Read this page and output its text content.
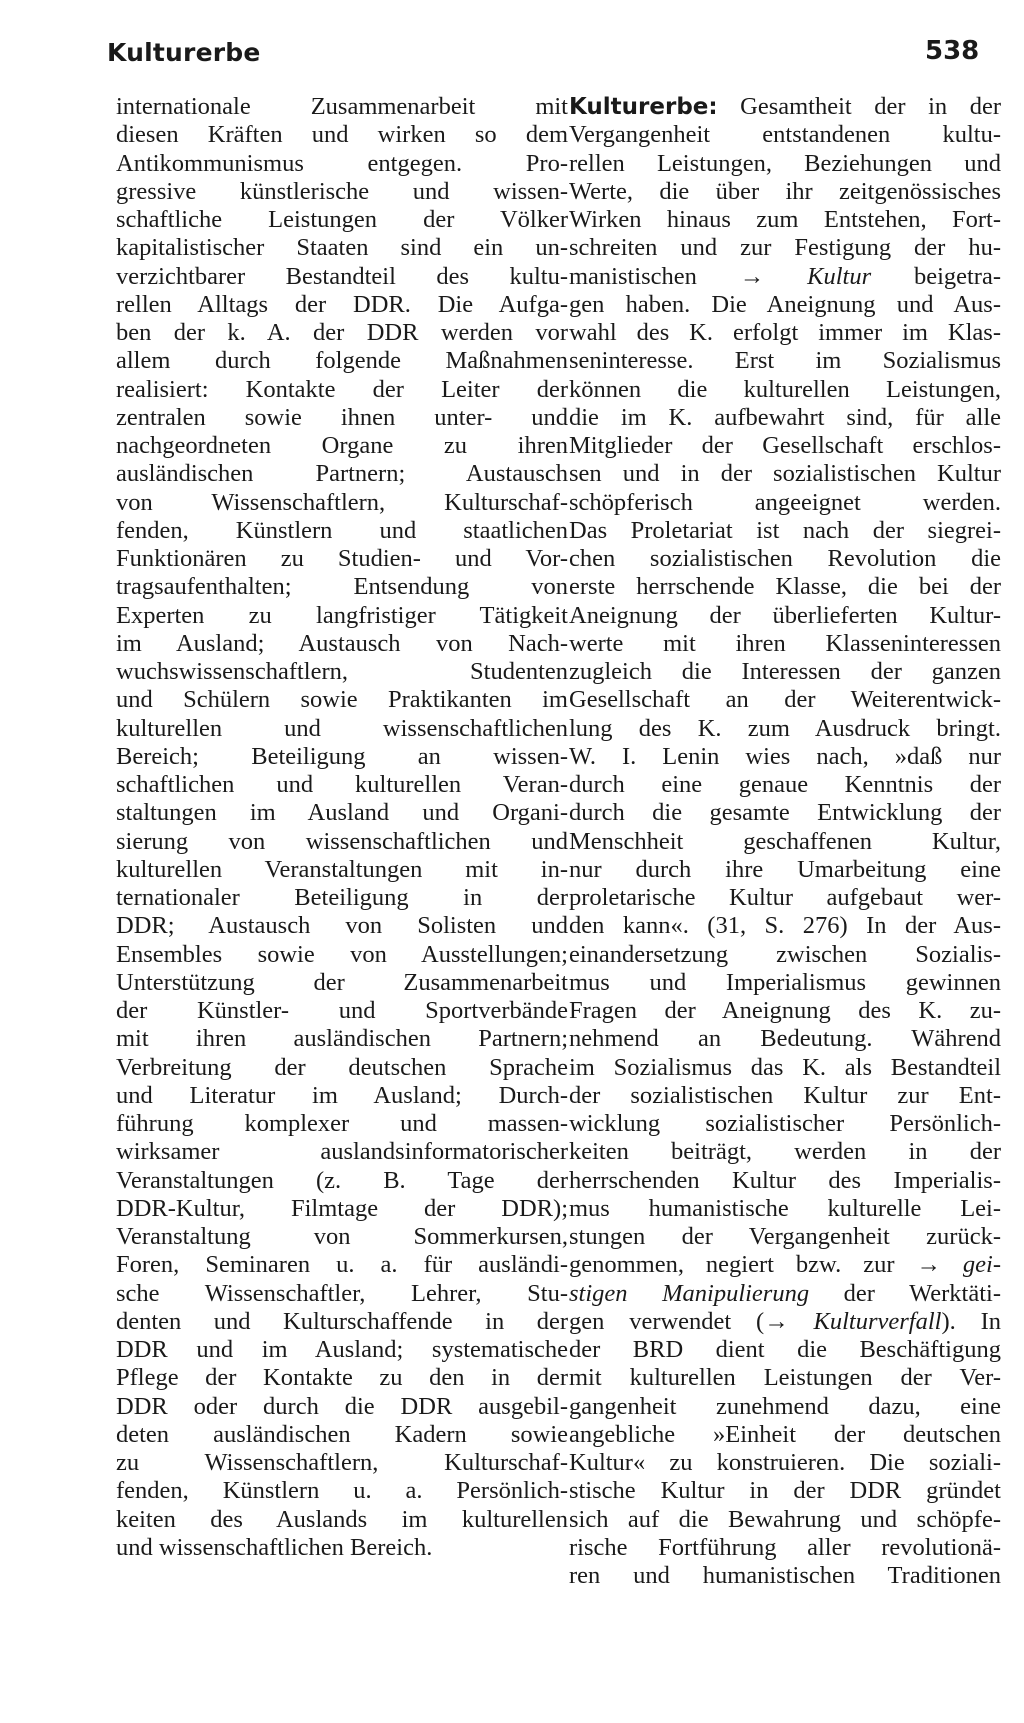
Kulturerbe	538
internationale Zusammenarbeit mit
diesen Kräften und wirken so dem
Antikommunismus entgegen. Pro-
gressive künstlerische und wissen-
schaftliche Leistungen der Völker
kapitalistischer Staaten sind ein un-
verzichtbarer Bestandteil des kultu-
rellen Alltags der DDR. Die Aufga-
ben der k. A. der DDR werden vor
allem durch folgende Maßnahmen
realisiert: Kontakte der Leiter der
zentralen sowie ihnen unter- und
nachgeordneten Organe zu ihren
ausländischen Partnern; Austausch
von Wissenschaftlern, Kulturschaf-
fenden, Künstlern und staatlichen
Funktionären zu Studien- und Vor-
tragsaufenthalten; Entsendung von
Experten zu langfristiger Tätigkeit
im Ausland; Austausch von Nach-
wuchswissenschaftlern, Studenten
und Schülern sowie Praktikanten im
kulturellen und wissenschaftlichen
Bereich; Beteiligung an wissen-
schaftlichen und kulturellen Veran-
staltungen im Ausland und Organi-
sierung von wissenschaftlichen und
kulturellen Veranstaltungen mit in-
ternationaler Beteiligung in der
DDR; Austausch von Solisten und
Ensembles sowie von Ausstellungen;
Unterstützung der Zusammenarbeit
der Künstler- und Sportverbände
mit ihren ausländischen Partnern;
Verbreitung der deutschen Sprache
und Literatur im Ausland; Durch-
führung komplexer und massen-
wirksamer auslandsinformatorischer
Veranstaltungen (z. B. Tage der
DDR-Kultur, Filmtage der DDR);
Veranstaltung von Sommerkursen,
Foren, Seminaren u. a. für ausländi-
sche Wissenschaftler, Lehrer, Stu-
denten und Kulturschaffende in der
DDR und im Ausland; systematische
Pflege der Kontakte zu den in der
DDR oder durch die DDR ausgebil-
deten ausländischen Kadern sowie
zu Wissenschaftlern, Kulturschaf-
fenden, Künstlern u. a. Persönlich-
keiten des Auslands im kulturellen
und wissenschaftlichen Bereich.
Kulturerbe: Gesamtheit der in der
Vergangenheit entstandenen kultu-
rellen Leistungen, Beziehungen und
Werte, die über ihr zeitgenössisches
Wirken hinaus zum Entstehen, Fort-
schreiten und zur Festigung der hu-
manistischen → Kultur beigetra-
gen haben. Die Aneignung und Aus-
wahl des K. erfolgt immer im Klas-
seninteresse. Erst im Sozialismus
können die kulturellen Leistungen,
die im K. aufbewahrt sind, für alle
Mitglieder der Gesellschaft erschlos-
sen und in der sozialistischen Kultur
schöpferisch angeeignet werden.
Das Proletariat ist nach der siegrei-
chen sozialistischen Revolution die
erste herrschende Klasse, die bei der
Aneignung der überlieferten Kultur-
werte mit ihren Klasseninteressen
zugleich die Interessen der ganzen
Gesellschaft an der Weiterentwick-
lung des K. zum Ausdruck bringt.
W. I. Lenin wies nach, »daß nur
durch eine genaue Kenntnis der
durch die gesamte Entwicklung der
Menschheit geschaffenen Kultur,
nur durch ihre Umarbeitung eine
proletarische Kultur aufgebaut wer-
den kann«. (31, S. 276) In der Aus-
einandersetzung zwischen Sozialis-
mus und Imperialismus gewinnen
Fragen der Aneignung des K. zu-
nehmend an Bedeutung. Während
im Sozialismus das K. als Bestandteil
der sozialistischen Kultur zur Ent-
wicklung sozialistischer Persönlich-
keiten beiträgt, werden in der
herrschenden Kultur des Imperialis-
mus humanistische kulturelle Lei-
stungen der Vergangenheit zurück-
genommen, negiert bzw. zur → gei-
stigen Manipulierung der Werktäti-
gen verwendet (→ Kulturverfall). In
der BRD dient die Beschäftigung
mit kulturellen Leistungen der Ver-
gangenheit zunehmend dazu, eine
angebliche »Einheit der deutschen
Kultur« zu konstruieren. Die soziali-
stische Kultur in der DDR gründet
sich auf die Bewahrung und schöpfe-
rische Fortführung aller revolutionä-
ren und humanistischen Traditionen
